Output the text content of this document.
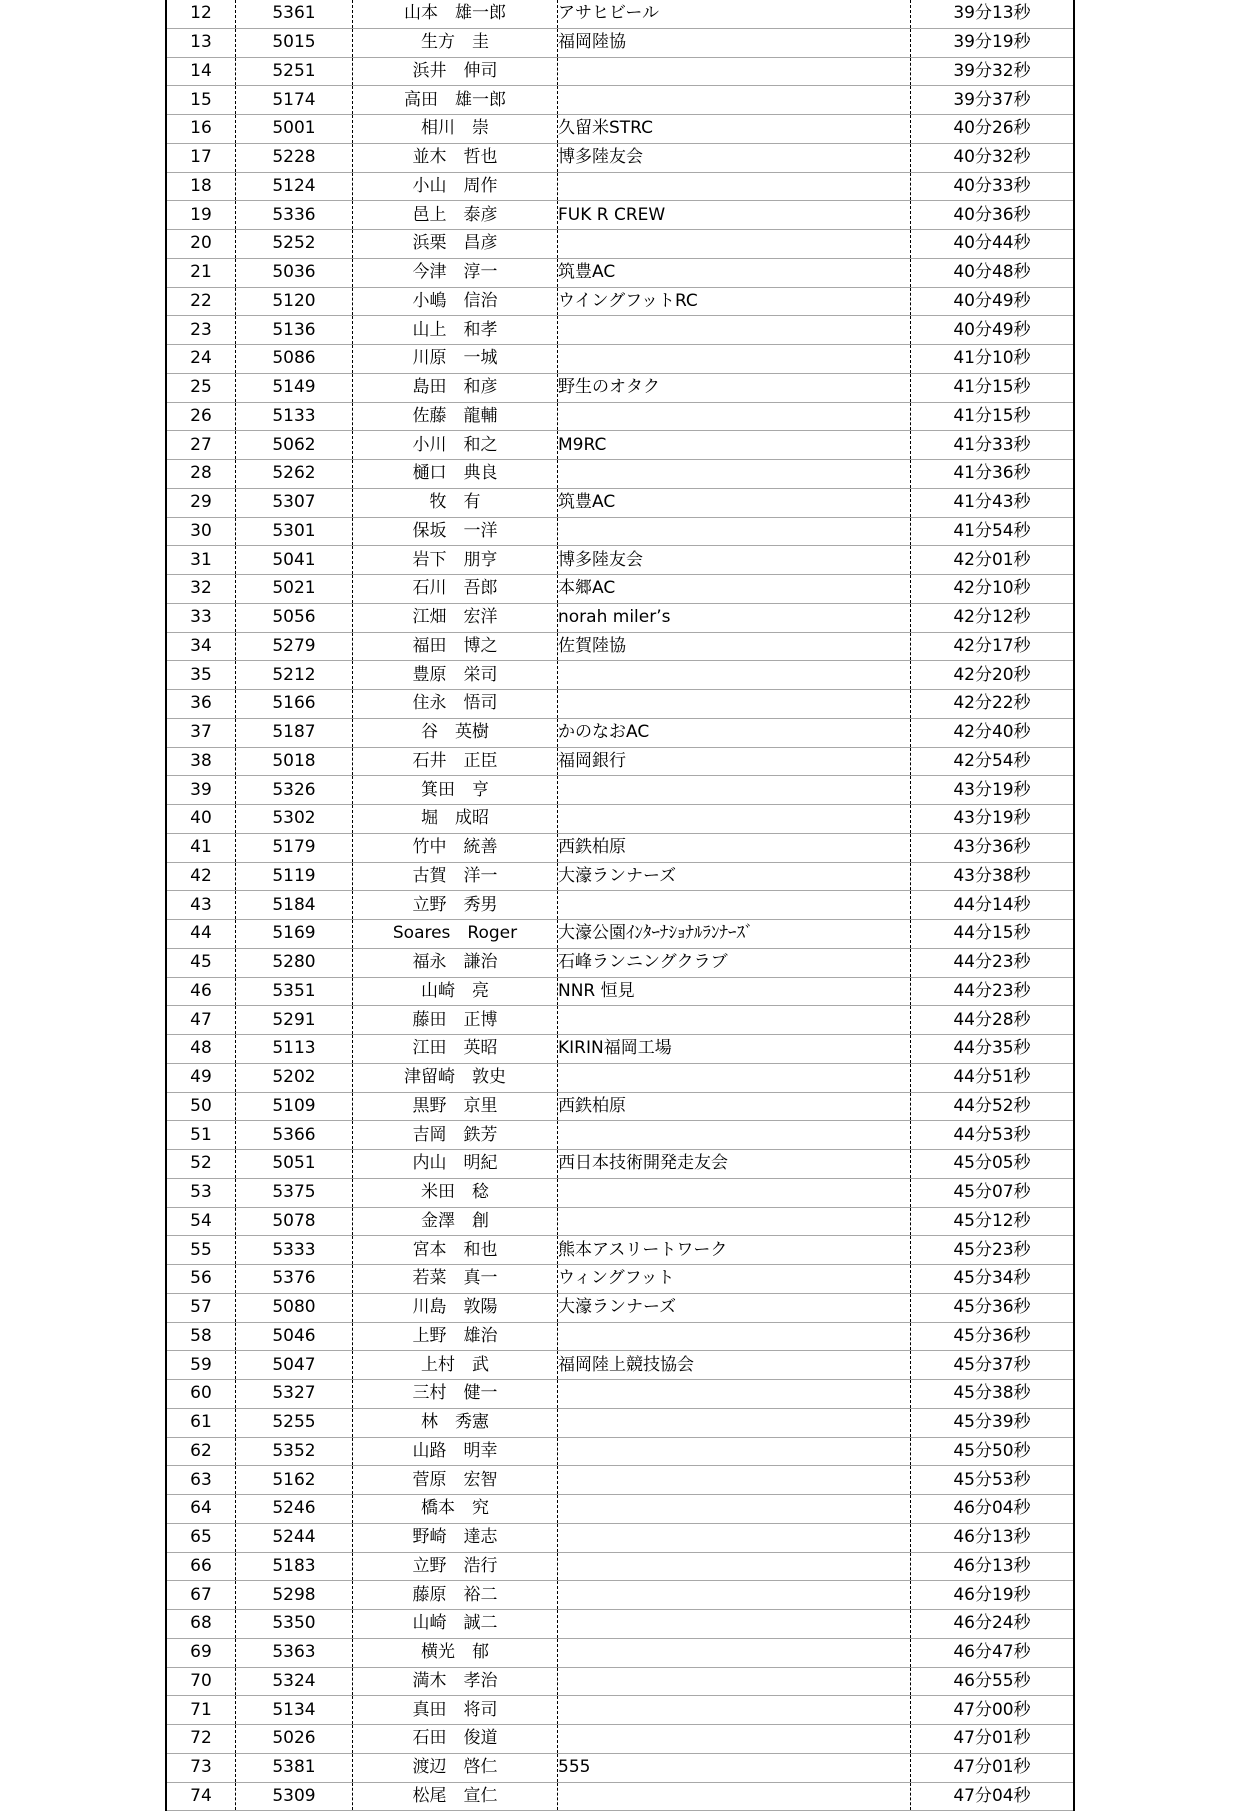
12	5361	山本　雄一郎	アサヒビール	39分13秒
13	5015	生方　圭	福岡陸協	39分19秒
14	5251	浜井　伸司		39分32秒
15	5174	高田　雄一郎		39分37秒
16	5001	相川　崇	久留米STRC	40分26秒
17	5228	並木　哲也	博多陸友会	40分32秒
18	5124	小山　周作		40分33秒
19	5336	邑上　泰彦	FUK R CREW	40分36秒
20	5252	浜栗　昌彦		40分44秒
21	5036	今津　淳一	筑豊AC	40分48秒
22	5120	小嶋　信治	ウイングフットRC	40分49秒
23	5136	山上　和孝		40分49秒
24	5086	川原　一城		41分10秒
25	5149	島田　和彦	野生のオタク	41分15秒
26	5133	佐藤　龍輔		41分15秒
27	5062	小川　和之	M9RC	41分33秒
28	5262	樋口　典良		41分36秒
29	5307	牧　有	筑豊AC	41分43秒
30	5301	保坂　一洋		41分54秒
31	5041	岩下　朋亨	博多陸友会	42分01秒
32	5021	石川　吾郎	本郷AC	42分10秒
33	5056	江畑　宏洋	norah miler’s	42分12秒
34	5279	福田　博之	佐賀陸協	42分17秒
35	5212	豊原　栄司		42分20秒
36	5166	住永　悟司		42分22秒
37	5187	谷　英樹	かのなおAC	42分40秒
38	5018	石井　正臣	福岡銀行	42分54秒
39	5326	箕田　亨		43分19秒
40	5302	堀　成昭		43分19秒
41	5179	竹中　統善	西鉄柏原	43分36秒
42	5119	古賀　洋一	大濠ランナーズ	43分38秒
43	5184	立野　秀男		44分14秒
44	5169	Soares　Roger	大濠公園ｲﾝﾀｰﾅｼｮﾅﾙﾗﾝﾅｰｽﾞ	44分15秒
45	5280	福永　謙治	石峰ランニングクラブ	44分23秒
46	5351	山崎　亮	NNR 恒見	44分23秒
47	5291	藤田　正博		44分28秒
48	5113	江田　英昭	KIRIN福岡工場	44分35秒
49	5202	津留崎　敦史		44分51秒
50	5109	黒野　京里	西鉄柏原	44分52秒
51	5366	吉岡　鉄芳		44分53秒
52	5051	内山　明紀	西日本技術開発走友会	45分05秒
53	5375	米田　稔		45分07秒
54	5078	金澤　創		45分12秒
55	5333	宮本　和也	熊本アスリートワーク	45分23秒
56	5376	若菜　真一	ウィングフット	45分34秒
57	5080	川島　敦陽	大濠ランナーズ	45分36秒
58	5046	上野　雄治		45分36秒
59	5047	上村　武	福岡陸上競技協会	45分37秒
60	5327	三村　健一		45分38秒
61	5255	林　秀憲		45分39秒
62	5352	山路　明幸		45分50秒
63	5162	菅原　宏智		45分53秒
64	5246	橋本　究		46分04秒
65	5244	野崎　達志		46分13秒
66	5183	立野　浩行		46分13秒
67	5298	藤原　裕二		46分19秒
68	5350	山崎　誠二		46分24秒
69	5363	横光　郁		46分47秒
70	5324	満木　孝治		46分55秒
71	5134	真田　将司		47分00秒
72	5026	石田　俊道		47分01秒
73	5381	渡辺　啓仁	555	47分01秒
74	5309	松尾　宣仁		47分04秒
